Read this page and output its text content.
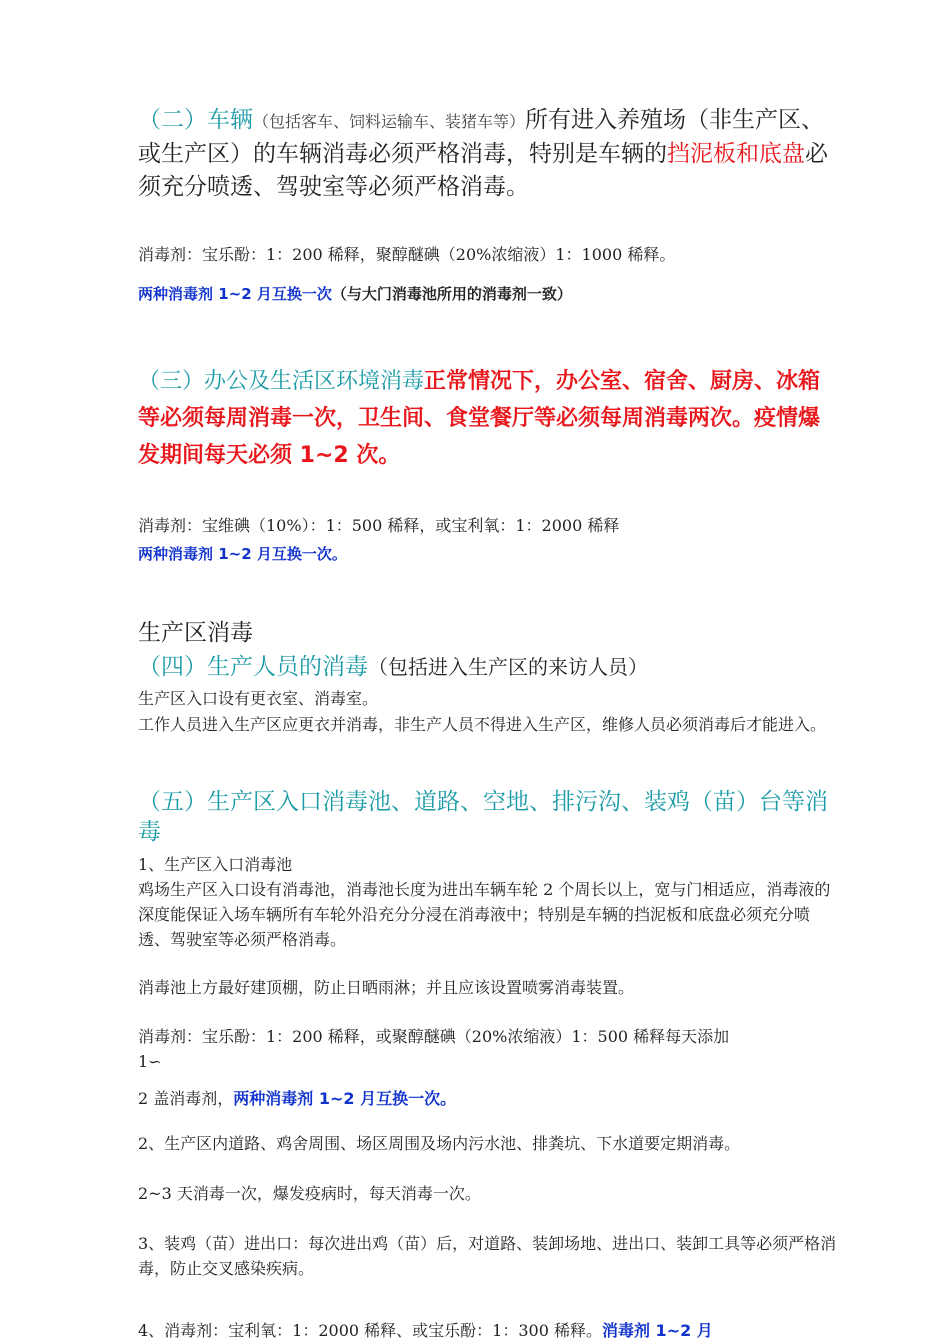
（二）车辆（包括客车、饲料运输车、装猪车等）所有进入养殖场（非生产区、或生产区）的车辆消毒必须严格消毒，特别是车辆的挡泥板和底盘必须充分喷透、驾驶室等必须严格消毒。
消毒剂：宝乐酚：1：200 稀释，聚醇醚碘（20%浓缩液）1：1000 稀释。
两种消毒剂 1~2 月互换一次（与大门消毒池所用的消毒剂一致）
（三）办公及生活区环境消毒正常情况下，办公室、宿舍、厨房、冰箱等必须每周消毒一次，卫生间、食堂餐厅等必须每周消毒两次。疫情爆发期间每天必须 1~2 次。
消毒剂：宝维碘（10%）：1：500 稀释，或宝利氧：1：2000 稀释
两种消毒剂 1~2 月互换一次。
生产区消毒
（四）生产人员的消毒（包括进入生产区的来访人员）
生产区入口设有更衣室、消毒室。
工作人员进入生产区应更衣并消毒，非生产人员不得进入生产区，维修人员必须消毒后才能进入。
（五）生产区入口消毒池、道路、空地、排污沟、装鸡（苗）台等消毒
1、生产区入口消毒池
鸡场生产区入口设有消毒池，消毒池长度为进出车辆车轮 2 个周长以上，宽与门相适应，消毒液的深度能保证入场车辆所有车轮外沿充分分浸在消毒液中；特别是车辆的挡泥板和底盘必须充分喷透、驾驶室等必须严格消毒。
消毒池上方最好建顶棚，防止日晒雨淋；并且应该设置喷雾消毒装置。
消毒剂：宝乐酚：1：200 稀释，或聚醇醚碘（20%浓缩液）1：500 稀释每天添加
1∽
2 盖消毒剂，两种消毒剂 1~2 月互换一次。
2、生产区内道路、鸡舍周围、场区周围及场内污水池、排粪坑、下水道要定期消毒。
2~3 天消毒一次，爆发疫病时，每天消毒一次。
3、装鸡（苗）进出口：每次进出鸡（苗）后，对道路、装卸场地、进出口、装卸工具等必须严格消毒，防止交叉感染疾病。
4、消毒剂：宝利氧：1：2000 稀释、或宝乐酚：1：300 稀释。消毒剂 1~2 月
